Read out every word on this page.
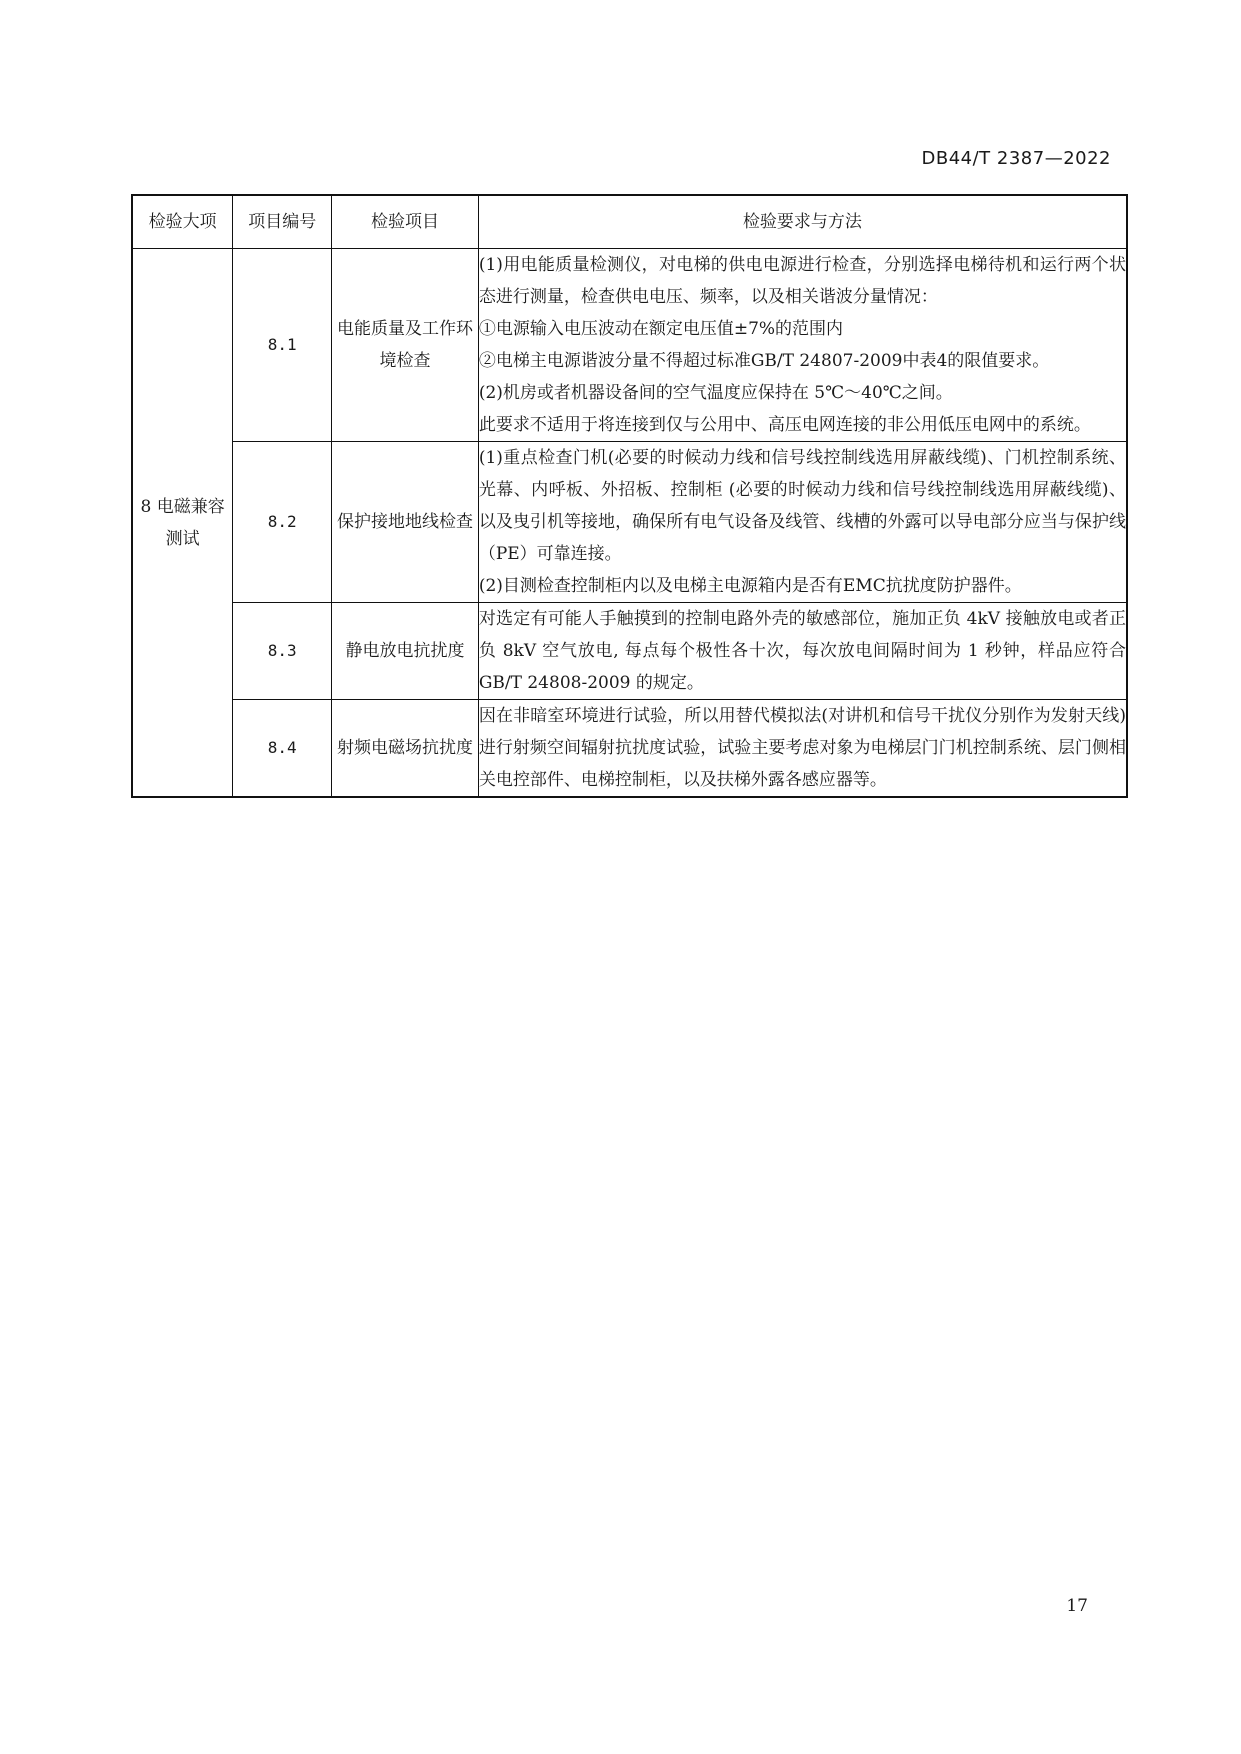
DB44/T 2387—2022
检验大项	项目编号	检验项目	检验要求与方法
8 电磁兼容测试	8.1	电能质量及工作环境检查	(1)用电能质量检测仪，对电梯的供电电源进行检查，分别选择电梯待机和运行两个状态进行测量，检查供电电压、频率，以及相关谐波分量情况：

①电源输入电压波动在额定电压值±7%的范围内

②电梯主电源谐波分量不得超过标准GB/T 24807-2009中表4的限值要求。

(2)机房或者机器设备间的空气温度应保持在 5℃～40℃之间。

此要求不适用于将连接到仅与公用中、高压电网连接的非公用低压电网中的系统。

	8.2	保护接地地线检查	(1)重点检查门机(必要的时候动力线和信号线控制线选用屏蔽线缆)、门机控制系统、光幕、内呼板、外招板、控制柜 (必要的时候动力线和信号线控制线选用屏蔽线缆)、以及曳引机等接地，确保所有电气设备及线管、线槽的外露可以导电部分应当与保护线（PE）可靠连接。

(2)目测检查控制柜内以及电梯主电源箱内是否有EMC抗扰度防护器件。

	8.3	静电放电抗扰度	对选定有可能人手触摸到的控制电路外壳的敏感部位，施加正负 4kV 接触放电或者正负 8kV 空气放电, 每点每个极性各十次，每次放电间隔时间为 1 秒钟，样品应符合 GB/T 24808-2009 的规定。

	8.4	射频电磁场抗扰度	因在非暗室环境进行试验，所以用替代模拟法(对讲机和信号干扰仪分别作为发射天线)进行射频空间辐射抗扰度试验，试验主要考虑对象为电梯层门门机控制系统、层门侧相关电控部件、电梯控制柜，以及扶梯外露各感应器等。

17
